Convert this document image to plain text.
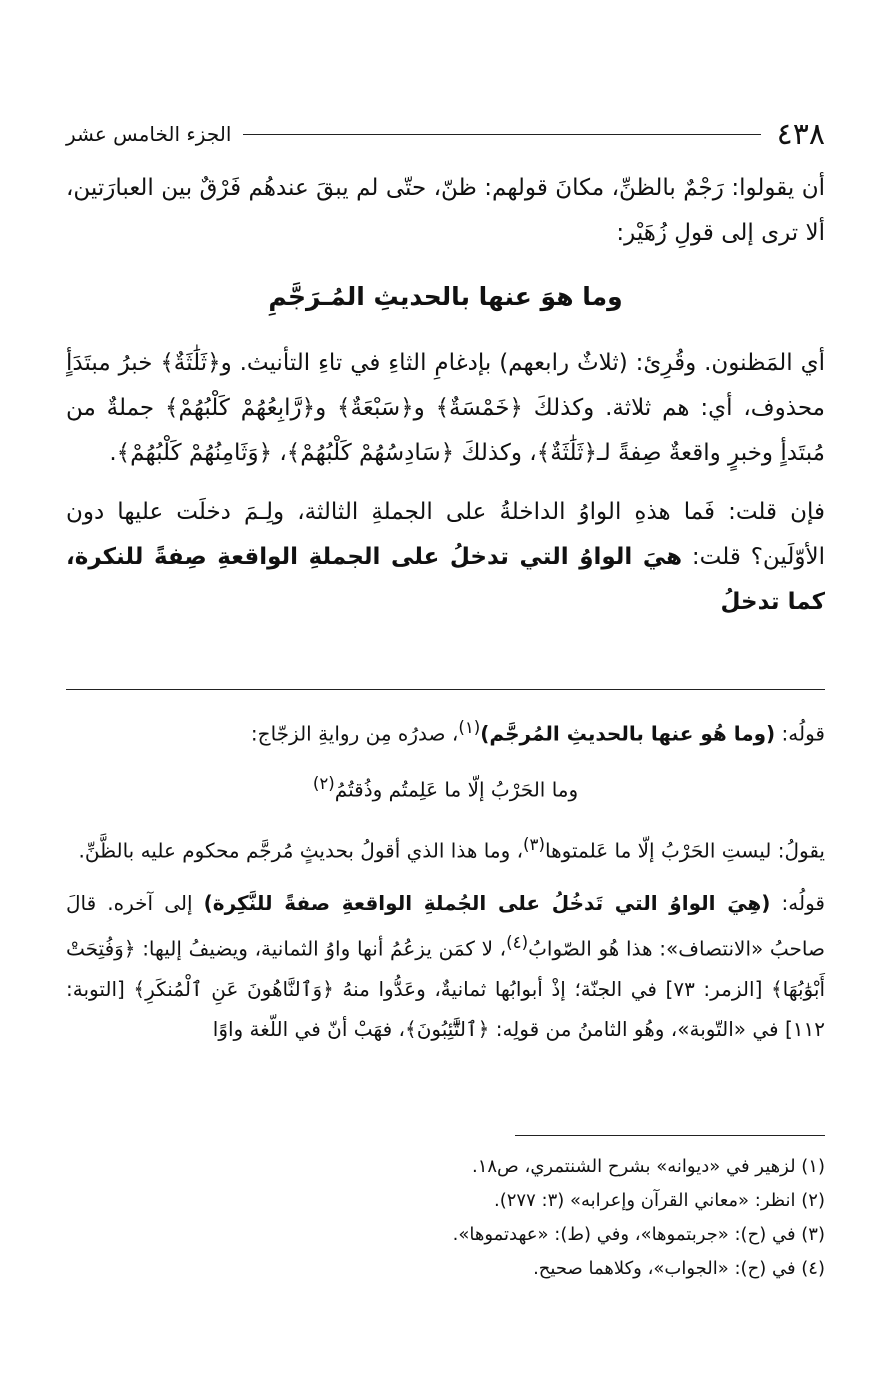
٤٣٨
الجزء الخامس عشر

أن يقولوا: رَجْمٌ بالظنِّ، مكانَ قولهم: ظنّ، حتّى لم يبقَ عندهُم فَرْقٌ بين العبارَتين، ألا ترى إلى قولِ زُهَيْر:

وما هوَ عنها بالحديثِ المُـرَجَّمِ

أي المَظنون. وقُرِئ: (ثلاثٌ رابعهم) بإدغامِ الثاءِ في تاءِ التأنيث. و﴿ثَلَٰثَةٌ﴾ خبرُ مبتَدَأٍ محذوف، أي: هم ثلاثة. وكذلكَ ﴿خَمْسَةٌ﴾ و﴿سَبْعَةٌ﴾ و﴿رَّابِعُهُمْ كَلْبُهُمْ﴾ جملةٌ من مُبتَدأٍ وخبرٍ واقعةٌ صِفةً لـ﴿ثَلَٰثَةٌ﴾، وكذلكَ ﴿سَادِسُهُمْ كَلْبُهُمْ﴾، ﴿وَثَامِنُهُمْ كَلْبُهُمْ﴾.

فإن قلت: فَما هذهِ الواوُ الداخلةُ على الجملةِ الثالثة، ولِـمَ دخلَت عليها دون الأوّلَين؟ قلت: هيَ الواوُ التي تدخلُ على الجملةِ الواقعةِ صِفةً للنكرة، كما تدخلُ

قولُه: (وما هُو عنها بالحديثِ المُرجَّم)$^{(١)}$، صدرُه مِن روايةِ الزجّاج:

وما الحَرْبُ إلّا ما عَلِمتُم وذُقتُمُ$^{(٢)}$

يقولُ: ليستِ الحَرْبُ إلّا ما عَلمتوها$^{(٣)}$، وما هذا الذي أقولُ بحديثٍ مُرجَّم محكوم عليه بالظَّنِّ.

قولُه: (هِيَ الواوُ التي تَدخُلُ على الجُملةِ الواقعةِ صفةً للنَّكِرة) إلى آخره. قالَ صاحبُ «الانتصاف»: هذا هُو الصّوابُ$^{(٤)}$، لا كمَن يزعُمُ أنها واوُ الثمانية، ويضيفُ إليها: ﴿وَفُتِحَتْ أَبْوَٰبُهَا﴾ [الزمر: ٧٣] في الجنّة؛ إذْ أبوابُها ثمانيةٌ، وعَدُّوا منهُ ﴿وَٱلنَّاهُونَ عَنِ ٱلْمُنكَرِ﴾ [التوبة: ١١٢] في «التّوبة»، وهُو الثامنُ من قولِه: ﴿ٱلتَّٰٓئِبُونَ﴾، فهَبْ أنّ في اللّغة واوًا

(١) لزهير في «ديوانه» بشرح الشنتمري، ص١٨.
(٢) انظر: «معاني القرآن وإعرابه» (٣: ٢٧٧).
(٣) في (ح): «جربتموها»، وفي (ط): «عهدتموها».
(٤) في (ح): «الجواب»، وكلاهما صحيح.
